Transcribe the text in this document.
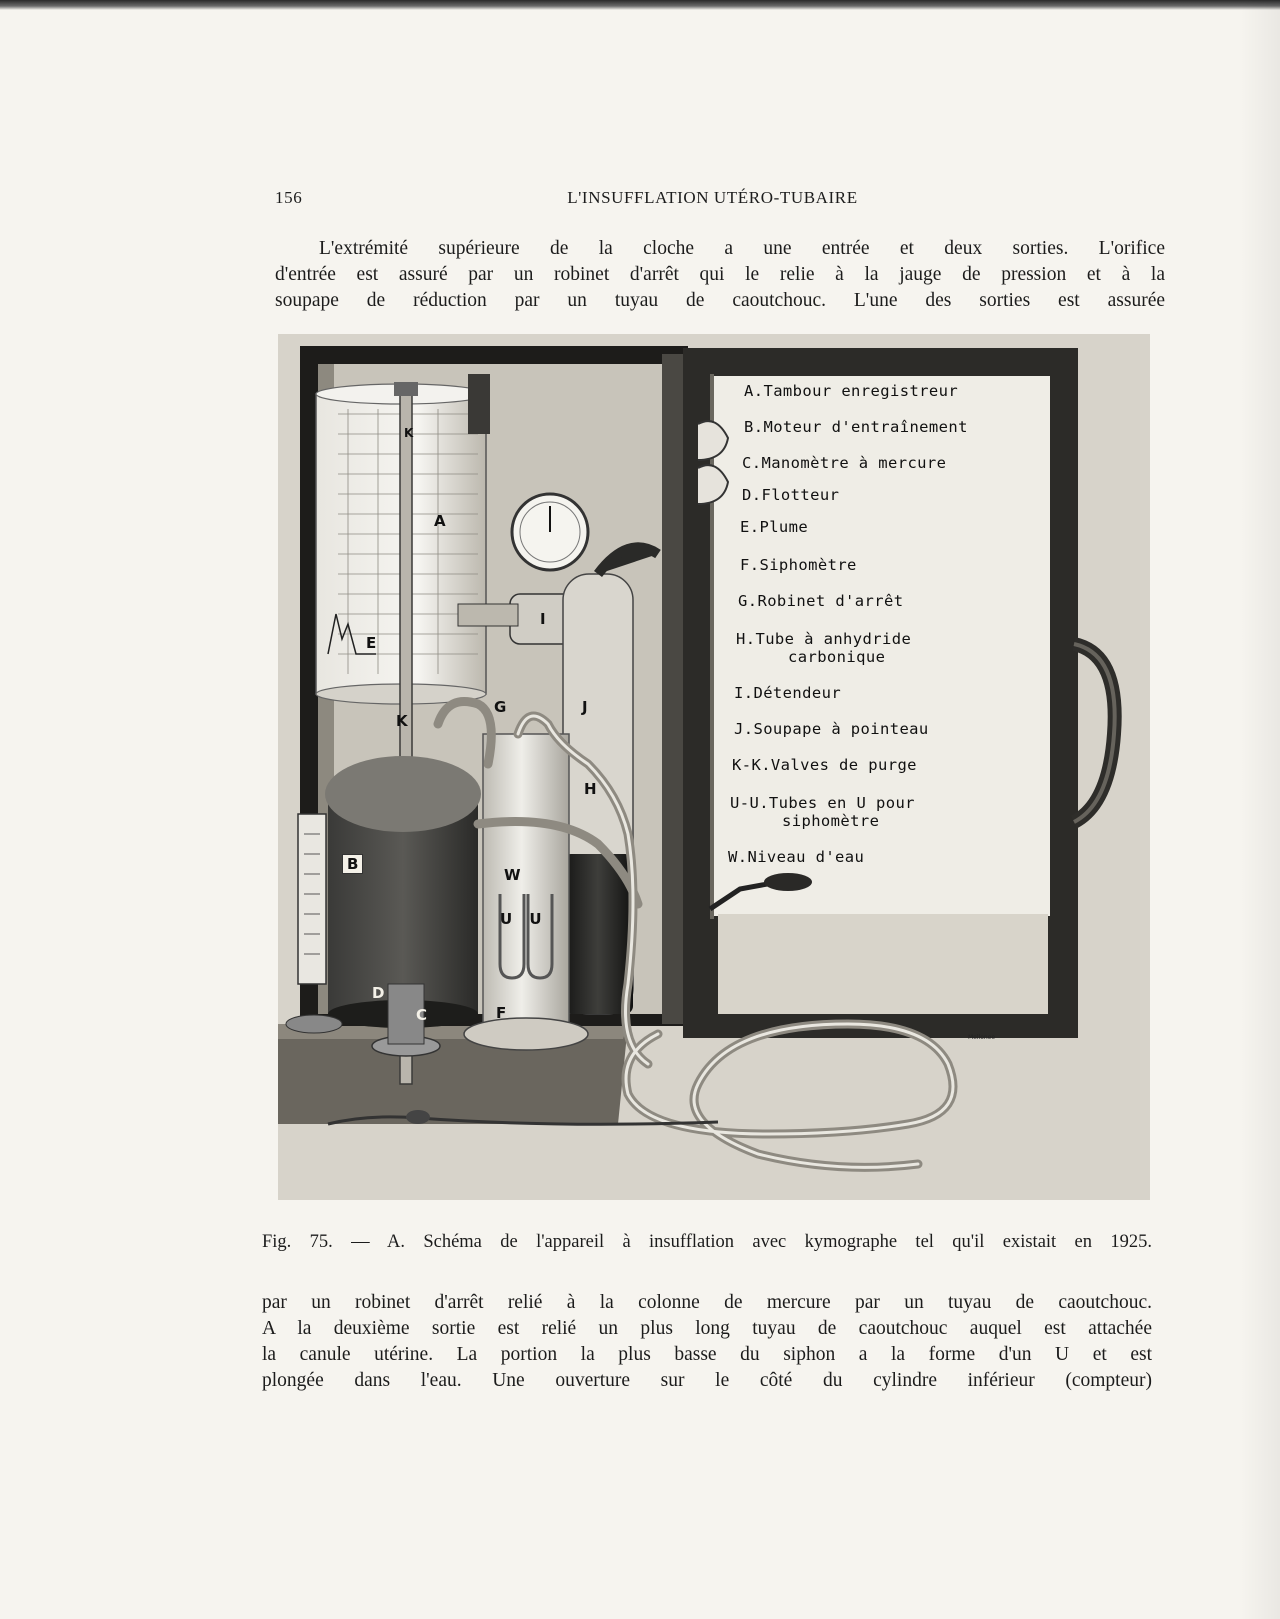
156	L'INSUFFLATION UTÉRO-TUBAIRE
L'extrémité supérieure de la cloche a une entrée et deux sorties. L'orifice
d'entrée est assuré par un robinet d'arrêt qui le relie à la jauge de pression et à la
soupape de réduction par un tuyau de caoutchouc. L'une des sorties est assurée
A
B
C
D
E
F
G
H
I
J
K
K
W
U U
A.Tambour enregistreur
B.Moteur d'entraînement
C.Manomètre à mercure
D.Flotteur
E.Plume
F.Siphomètre
G.Robinet d'arrêt
H.Tube à anhydride
carbonique
I.Détendeur
J.Soupape à pointeau
K-K.Valves de purge
U-U.Tubes en U pour
siphomètre
W.Niveau d'eau
Mellonee
Fig. 75. — A. Schéma de l'appareil à insufflation avec kymographe tel qu'il existait en 1925.
par un robinet d'arrêt relié à la colonne de mercure par un tuyau de caoutchouc.
A la deuxième sortie est relié un plus long tuyau de caoutchouc auquel est attachée
la canule utérine. La portion la plus basse du siphon a la forme d'un U et est
plongée dans l'eau. Une ouverture sur le côté du cylindre inférieur (compteur)
